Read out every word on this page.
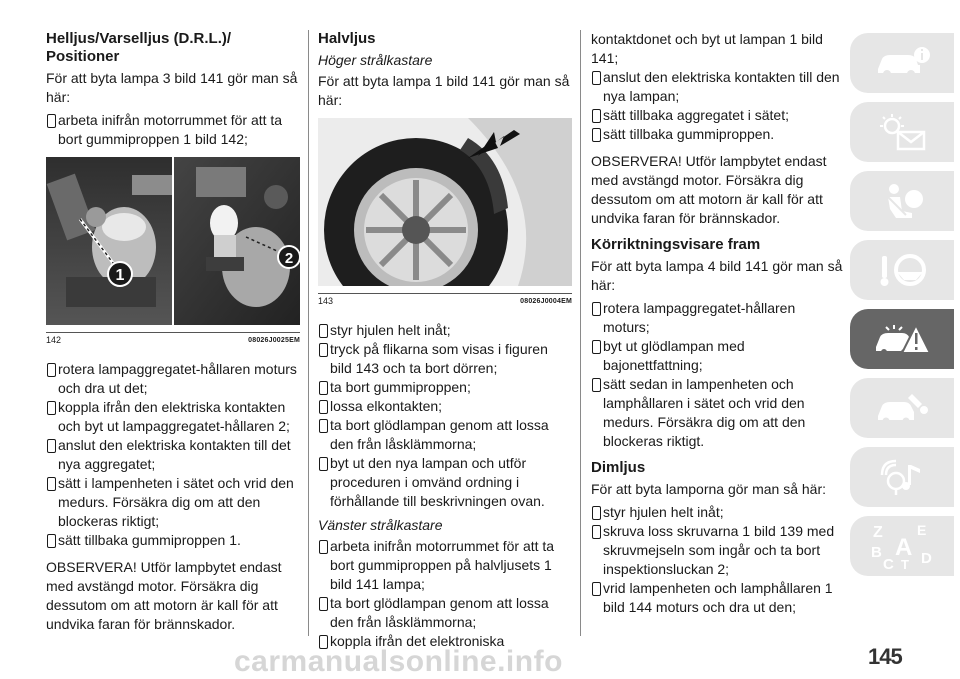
Helljus/Varselljus (D.R.L.)/ Positioner

För att byta lampa 3 bild 141 gör man så här:

arbeta inifrån motorrummet för att ta bort gummiproppen 1 bild 142;
1
2
142	08026J0025EM
rotera lampaggregatet-hållaren moturs och dra ut det;
koppla ifrån den elektriska kontakten och byt ut lampaggregatet-hållaren 2;
anslut den elektriska kontakten till det nya aggregatet;
sätt i lampenheten i sätet och vrid den medurs. Försäkra dig om att den blockeras riktigt;
sätt tillbaka gummiproppen 1.

OBSERVERA! Utför lampbytet endast med avstängd motor. Försäkra dig dessutom om att motorn är kall för att undvika faran för brännskador.

Halvljus
Höger strålkastare

För att byta lampa 1 bild 141 gör man så här:

143	08026J0004EM
styr hjulen helt inåt;
tryck på flikarna som visas i figuren bild 143 och ta bort dörren;
ta bort gummiproppen;
lossa elkontakten;
ta bort glödlampan genom att lossa den från låsklämmorna;
byt ut den nya lampan och utför proceduren i omvänd ordning i förhållande till beskrivningen ovan.
Vänster strålkastare
arbeta inifrån motorrummet för att ta bort gummiproppen på halvljusets 1 bild 141 lampa;
ta bort glödlampan genom att lossa den från låsklämmorna;
koppla ifrån det elektroniska
kontaktdonet och byt ut lampan 1 bild 141;
anslut den elektriska kontakten till den nya lampan;
sätt tillbaka aggregatet i sätet;
sätt tillbaka gummiproppen.

OBSERVERA! Utför lampbytet endast med avstängd motor. Försäkra dig dessutom om att motorn är kall för att undvika faran för brännskador.

Körriktningsvisare fram

För att byta lampa 4 bild 141 gör man så här:

rotera lampaggregatet-hållaren moturs;
byt ut glödlampan med bajonettfattning;
sätt sedan in lampenheten och lamphållaren i sätet och vrid den medurs. Försäkra dig om att den blockeras riktigt.
Dimljus

För att byta lamporna gör man så här:

styr hjulen helt inåt;
skruva loss skruvarna 1 bild 139 med skruvmejseln som ingår och ta bort inspektionsluckan 2;
vrid lampenheten och lamphållaren 1 bild 144 moturs och dra ut den;
Z E
B A
C T D
carmanualsonline.info	145
